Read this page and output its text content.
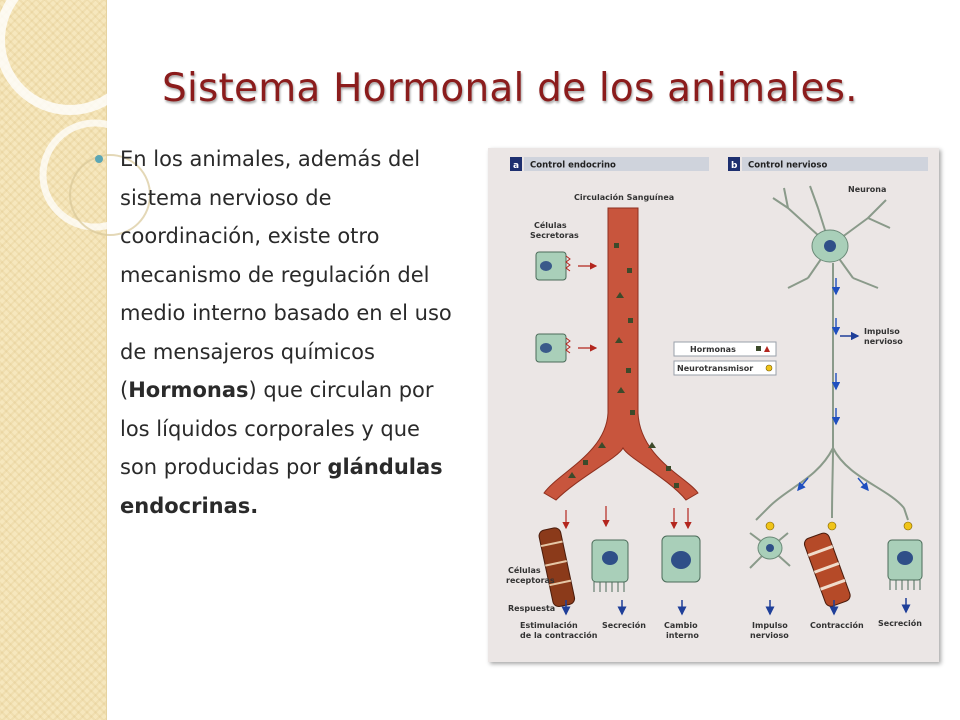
Sistema Hormonal de los animales.
En los animales, además del sistema nervioso de coordinación, existe otro mecanismo de regulación del medio interno basado en el uso de mensajeros químicos (Hormonas) que circulan por los líquidos corporales y que son producidas por glándulas endocrinas.
a Control endocrino	b Control nervioso
Circulación Sanguínea
Células
Secretoras
Células
receptoras
Respuesta
Estimulación
de la contracción
Secreción Cambio
interno
Hormonas
Neurotransmisor
Neurona
Impulso
nervioso
Impulso
nervioso
Contracción Secreción
